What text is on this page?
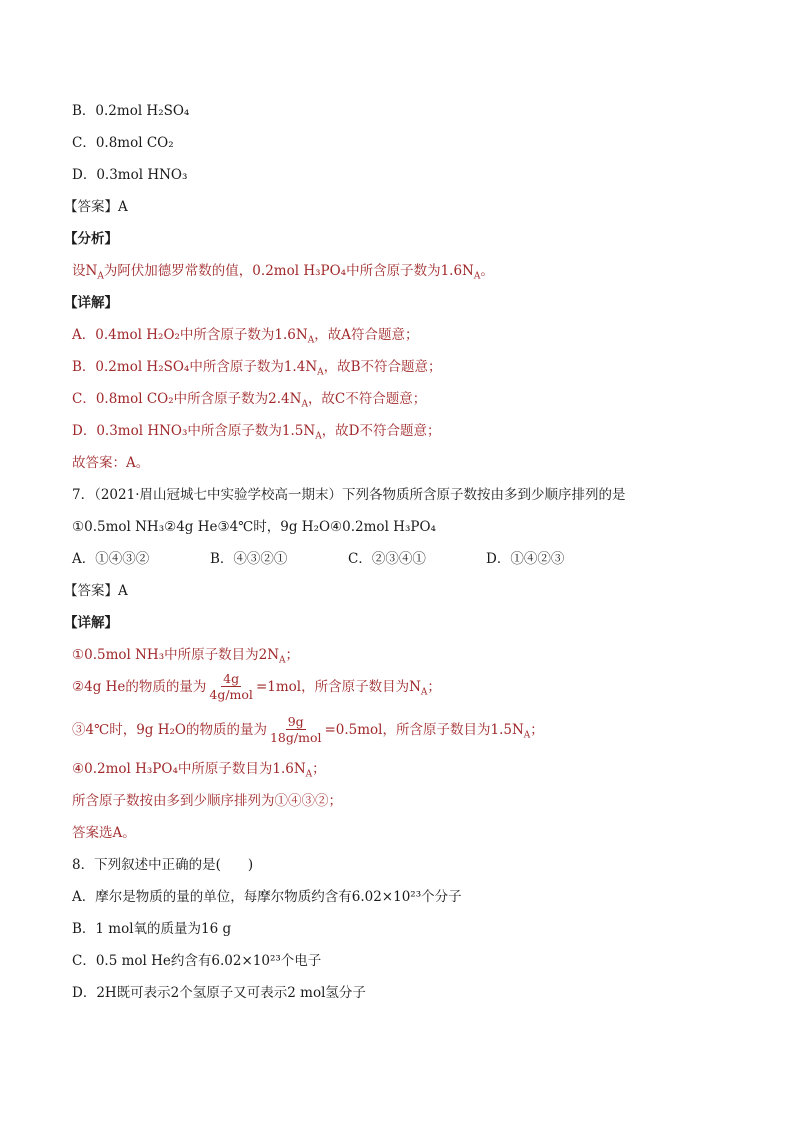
B．0.2mol H₂SO₄
C．0.8mol CO₂
D．0.3mol HNO₃
【答案】A
【分析】
设$N_A$为阿伏加德罗常数的值，0.2mol H₃PO₄中所含原子数为$1.6N_A$。
【详解】
A．0.4mol H₂O₂中所含原子数为$1.6N_A$，故A符合题意；
B．0.2mol H₂SO₄中所含原子数为$1.4N_A$，故B不符合题意；
C．0.8mol CO₂中所含原子数为$2.4N_A$，故C不符合题意；
D．0.3mol HNO₃中所含原子数为$1.5N_A$，故D不符合题意；
故答案：A。
7．（2021·眉山冠城七中实验学校高一期末）下列各物质所含原子数按由多到少顺序排列的是
①0.5mol NH₃②4g He③4℃时，9g H₂O④0.2mol H₃PO₄
A．①④③②	B．④③②①	C．②③④①	D．①④②③
【答案】A
【详解】
①0.5mol NH₃中所原子数目为$2N_A$；
②4g He的物质的量为 $\frac{4g}{\text{4g/mol}} =1mol$，所含原子数目为$N_A$；
③4℃时，9g H₂O的物质的量为 $\frac{9g}{\text{18g/mol}} =0.5mol$，所含原子数目为$1.5N_A$；
④0.2mol H₃PO₄中所原子数目为$1.6N_A$；
所含原子数按由多到少顺序排列为①④③②；
答案选A。
8．下列叙述中正确的是(　　)
A．摩尔是物质的量的单位，每摩尔物质约含有6.02×10²³个分子
B．1 mol氧的质量为16 g
C．0.5 mol He约含有6.02×10²³个电子
D．2H既可表示2个氢原子又可表示2 mol氢分子
